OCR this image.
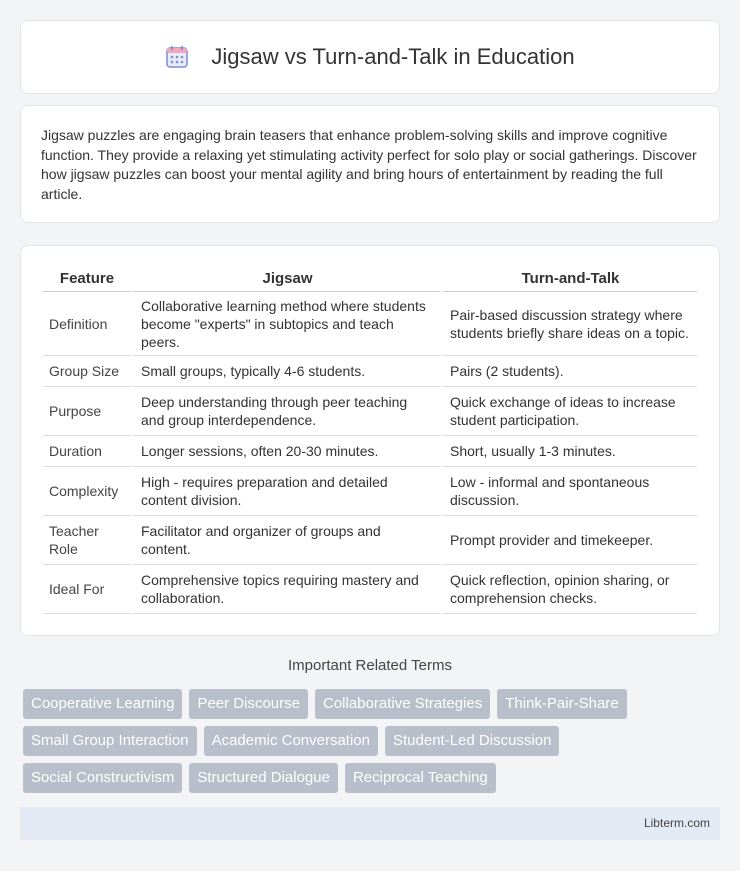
Jigsaw vs Turn-and-Talk in Education

Jigsaw puzzles are engaging brain teasers that enhance problem-solving skills and improve cognitive function. They provide a relaxing yet stimulating activity perfect for solo play or social gatherings. Discover how jigsaw puzzles can boost your mental agility and bring hours of entertainment by reading the full article.

Feature	Jigsaw	Turn-and-Talk
Definition	Collaborative learning method where students become "experts" in subtopics and teach peers.	Pair-based discussion strategy where students briefly share ideas on a topic.
Group Size	Small groups, typically 4-6 students.	Pairs (2 students).
Purpose	Deep understanding through peer teaching and group interdependence.	Quick exchange of ideas to increase student participation.
Duration	Longer sessions, often 20-30 minutes.	Short, usually 1-3 minutes.
Complexity	High - requires preparation and detailed content division.	Low - informal and spontaneous discussion.
Teacher Role	Facilitator and organizer of groups and content.	Prompt provider and timekeeper.
Ideal For	Comprehensive topics requiring mastery and collaboration.	Quick reflection, opinion sharing, or comprehension checks.
Important Related Terms
Cooperative Learning	Peer Discourse	Collaborative Strategies	Think-Pair-Share
Small Group Interaction	Academic Conversation	Student-Led Discussion
Social Constructivism	Structured Dialogue	Reciprocal Teaching
Libterm.com
